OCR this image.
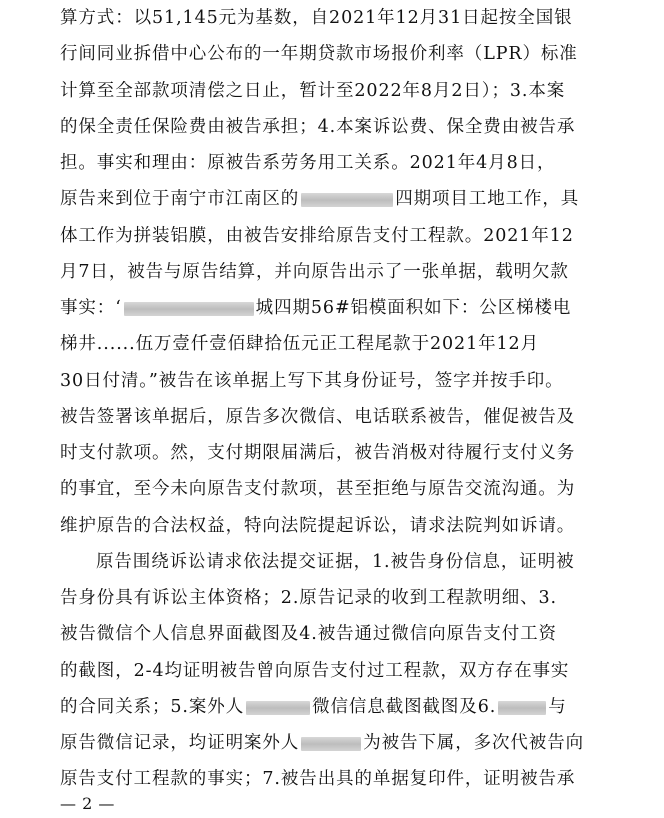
算方式：以51,145元为基数，自2021年12月31日起按全国银
行间同业拆借中心公布的一年期贷款市场报价利率（LPR）标准
计算至全部款项清偿之日止，暂计至2022年8月2日）；3.本案
的保全责任保险费由被告承担；4.本案诉讼费、保全费由被告承
担。事实和理由：原被告系劳务用工关系。2021年4月8日，
原告来到位于南宁市江南区的	四期项目工地工作，具
体工作为拼装铝膜，由被告安排给原告支付工程款。2021年12
月7日，被告与原告结算，并向原告出示了一张单据，载明欠款
事实：‘	城四期56#铝模面积如下：公区梯楼电
梯井......伍万壹仟壹佰肆拾伍元正工程尾款于2021年12月
30日付清。”被告在该单据上写下其身份证号，签字并按手印。
被告签署该单据后，原告多次微信、电话联系被告，催促被告及
时支付款项。然，支付期限届满后，被告消极对待履行支付义务
的事宜，至今未向原告支付款项，甚至拒绝与原告交流沟通。为
维护原告的合法权益，特向法院提起诉讼，请求法院判如诉请。
原告围绕诉讼请求依法提交证据，1.被告身份信息，证明被
告身份具有诉讼主体资格；2.原告记录的收到工程款明细、3.
被告微信个人信息界面截图及4.被告通过微信向原告支付工资
的截图，2-4均证明被告曾向原告支付过工程款，双方存在事实
的合同关系；5.案外人	微信信息截图截图及6.	与
原告微信记录，均证明案外人	为被告下属，多次代被告向
原告支付工程款的事实；7.被告出具的单据复印件，证明被告承
— 2 —
